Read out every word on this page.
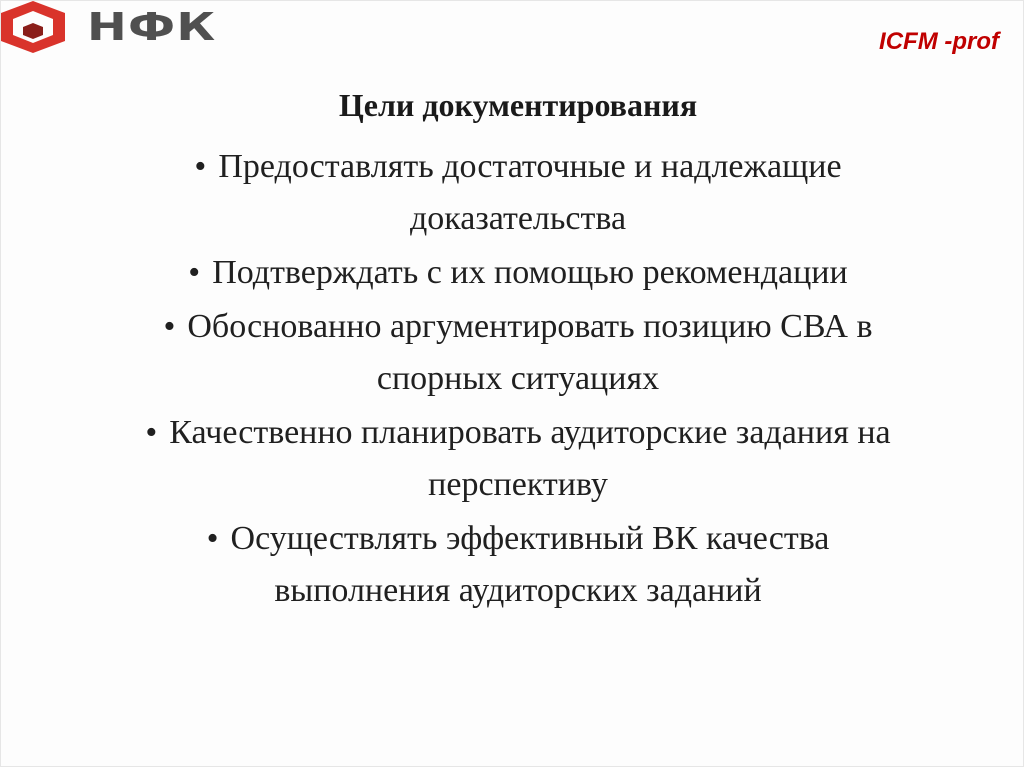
НФК	ICFM -prof
Цели документирования
• Предоставлять достаточные и надлежащие
доказательства
• Подтверждать с их помощью рекомендации
• Обоснованно аргументировать позицию СВА в
спорных ситуациях
• Качественно планировать аудиторские задания на
перспективу
• Осуществлять эффективный ВК качества
выполнения аудиторских заданий
